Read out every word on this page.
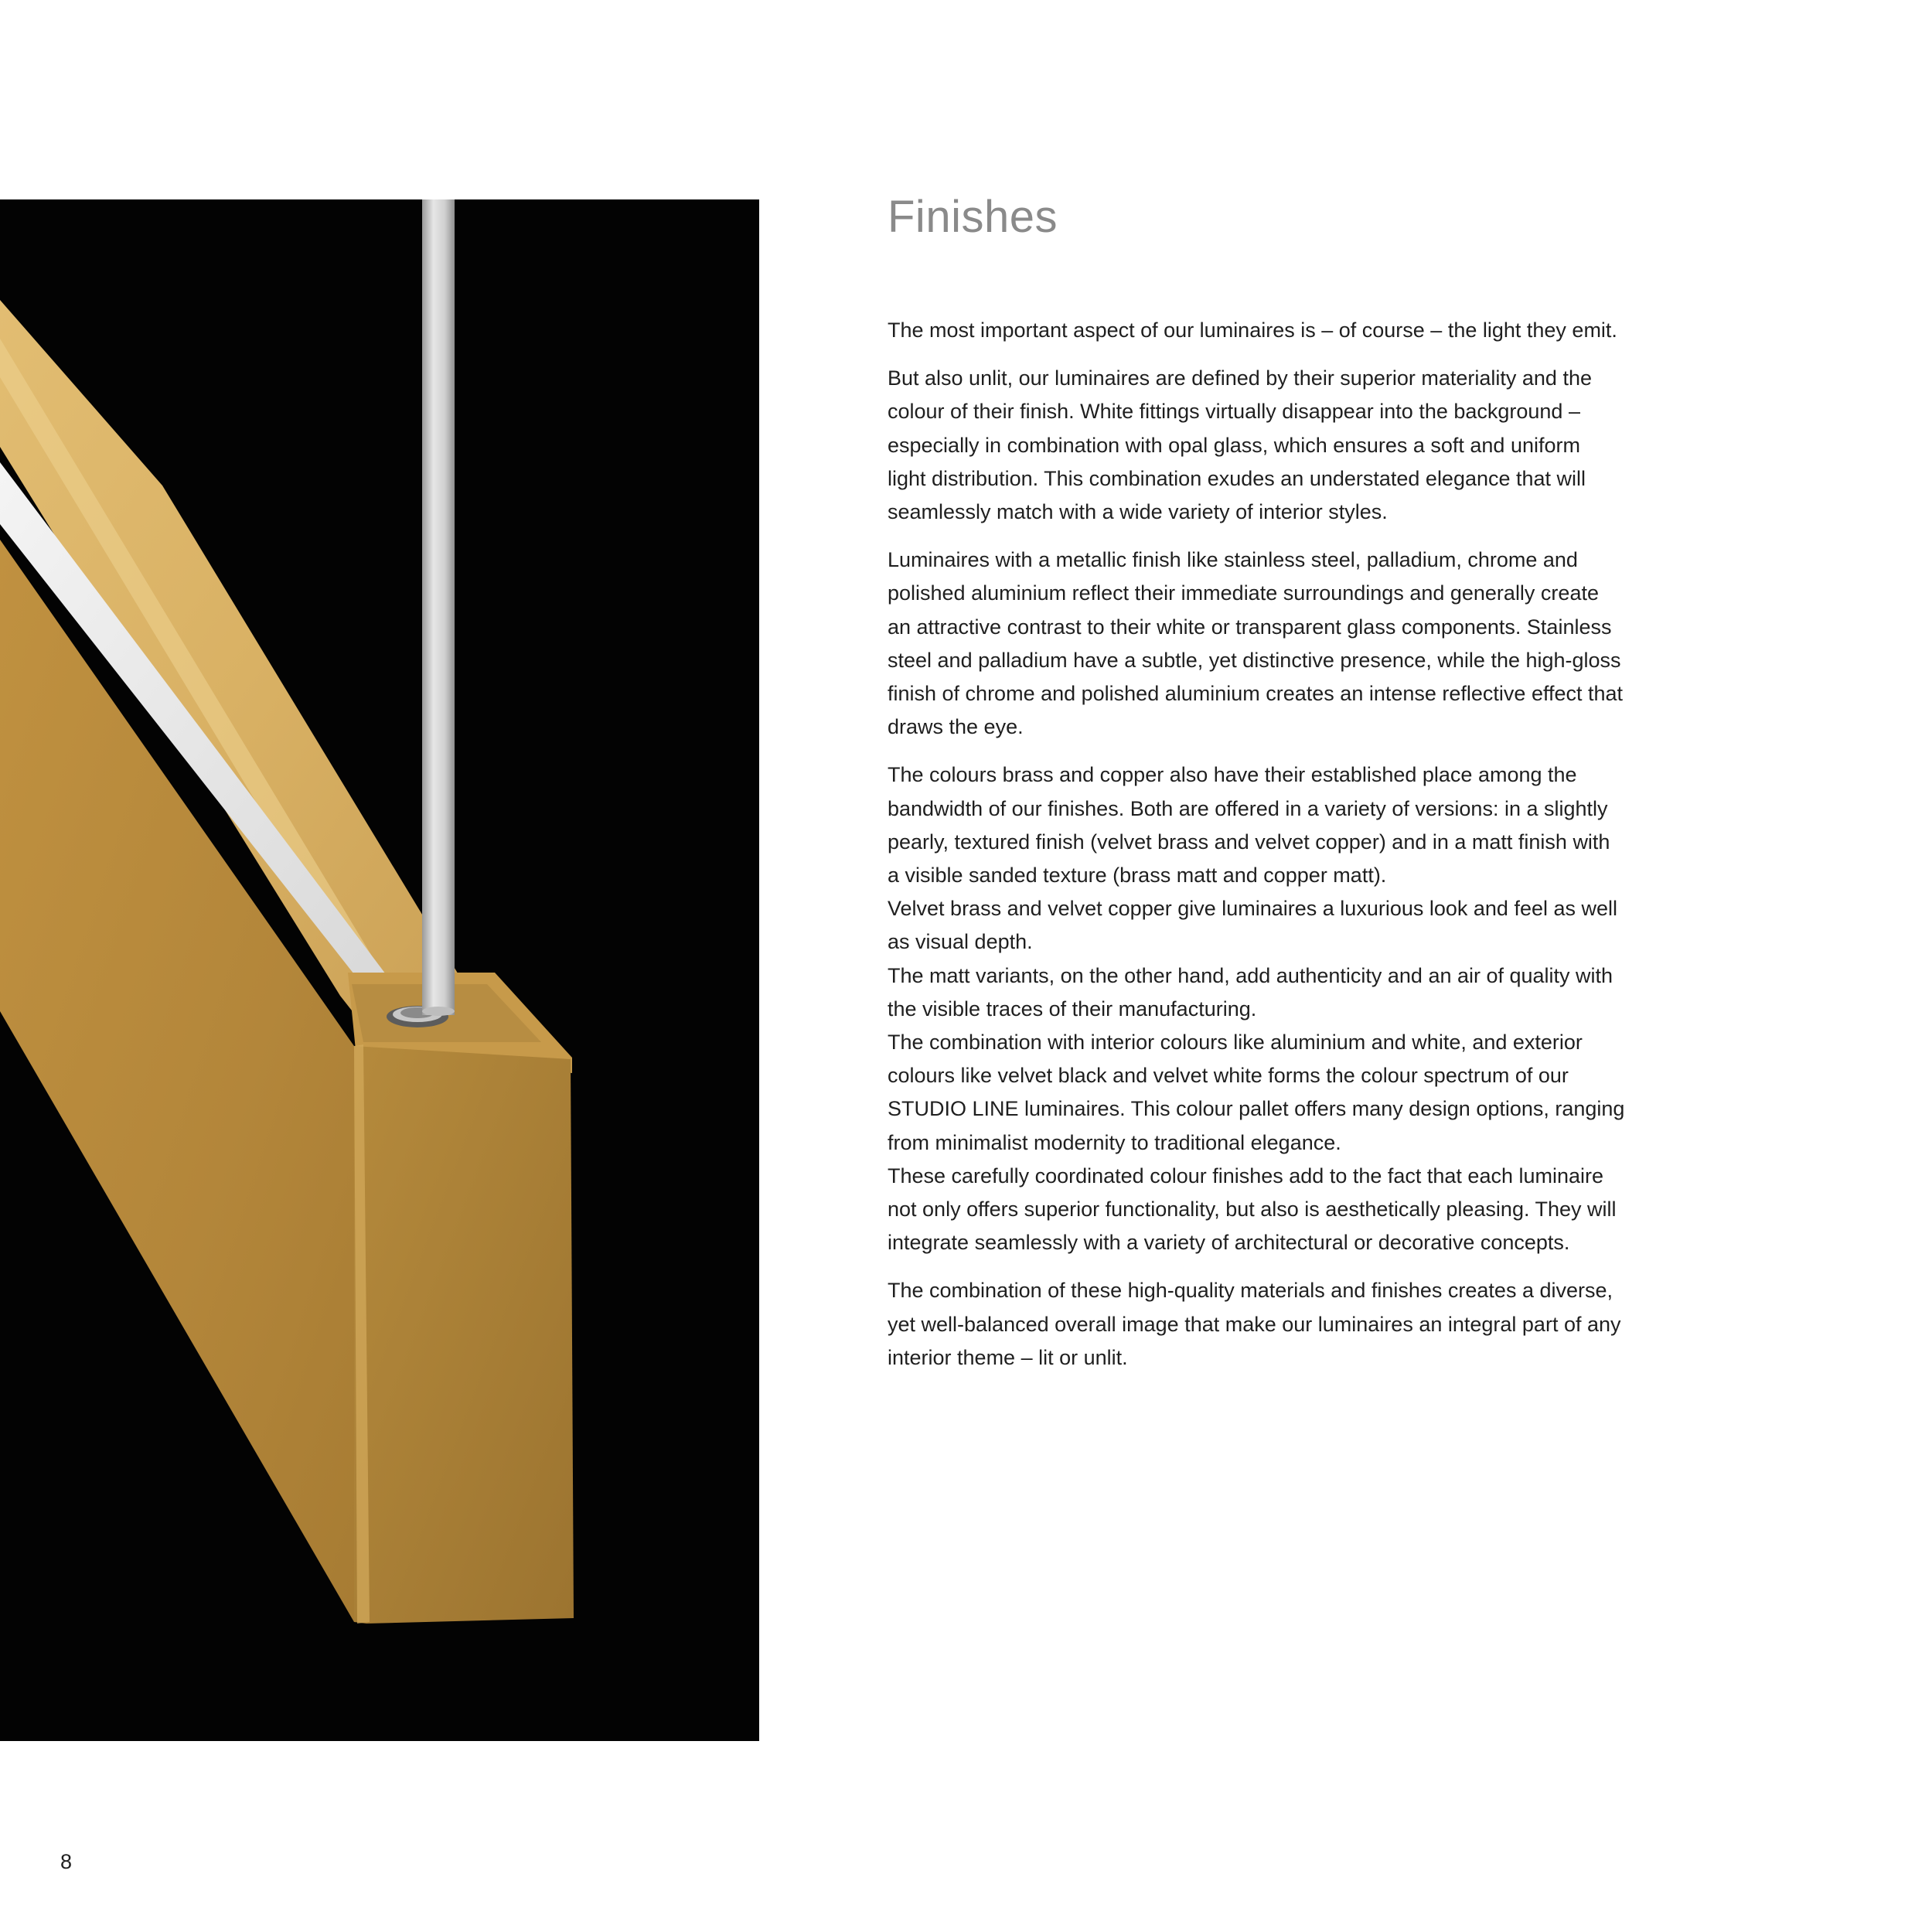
Finishes

The most important aspect of our luminaires is – of course – the light they emit.

But also unlit, our luminaires are defined by their superior materiality and the
colour of their finish. White fittings virtually disappear into the background –
especially in combination with opal glass, which ensures a soft and uniform
light distribution. This combination exudes an understated elegance that will
seamlessly match with a wide variety of interior styles.

Luminaires with a metallic finish like stainless steel, palladium, chrome and
polished aluminium reflect their immediate surroundings and generally create
an attractive contrast to their white or transparent glass components. Stainless
steel and palladium have a subtle, yet distinctive presence, while the high-gloss
finish of chrome and polished aluminium creates an intense reflective effect that
draws the eye.

The colours brass and copper also have their established place among the
bandwidth of our finishes. Both are offered in a variety of versions: in a slightly
pearly, textured finish (velvet brass and velvet copper) and in a matt finish with
a visible sanded texture (brass matt and copper matt).
Velvet brass and velvet copper give luminaires a luxurious look and feel as well
as visual depth.
The matt variants, on the other hand, add authenticity and an air of quality with
the visible traces of their manufacturing.
The combination with interior colours like aluminium and white, and exterior
colours like velvet black and velvet white forms the colour spectrum of our
STUDIO LINE luminaires. This colour pallet offers many design options, ranging
from minimalist modernity to traditional elegance.
These carefully coordinated colour finishes add to the fact that each luminaire
not only offers superior functionality, but also is aesthetically pleasing. They will
integrate seamlessly with a variety of architectural or decorative concepts.

The combination of these high-quality materials and finishes creates a diverse,
yet well-balanced overall image that make our luminaires an integral part of any
interior theme – lit or unlit.

8
